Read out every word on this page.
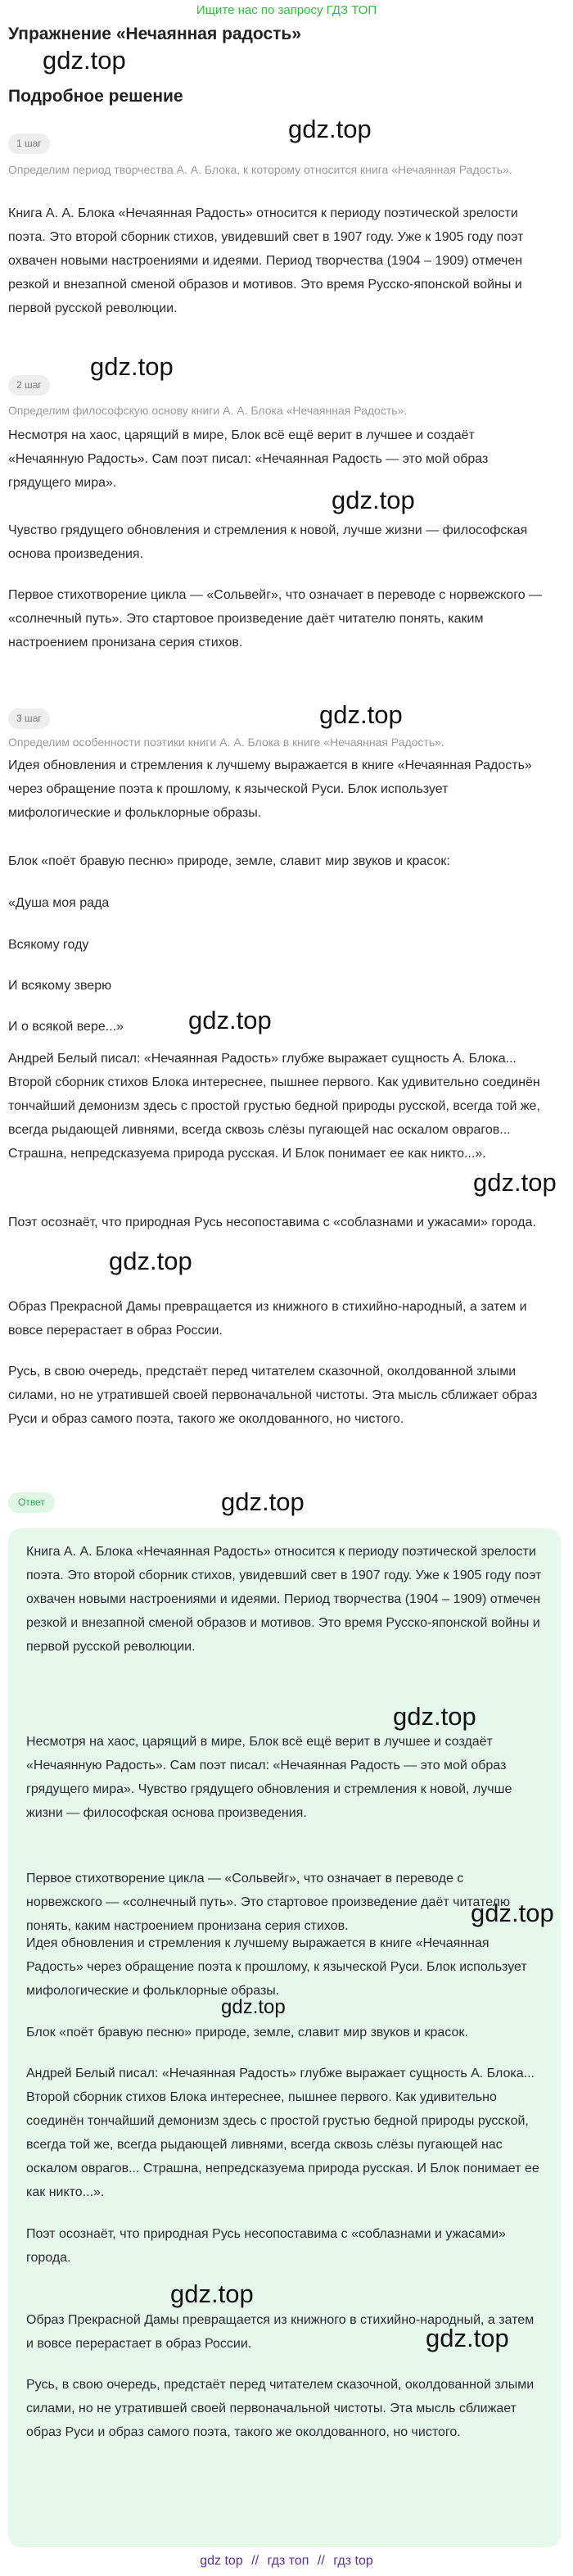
Ищите нас по запросу ГДЗ ТОП
Упражнение «Нечаянная радость»
gdz.top
Подробное решение
gdz.top
1 шаг
Определим период творчества А. А. Блока, к которому относится книга «Нечаянная Радость».

Книга А. А. Блока «Нечаянная Радость» относится к периоду поэтической зрелости поэта. Это второй сборник стихов, увидевший свет в 1907 году. Уже к 1905 году поэт охвачен новыми настроениями и идеями. Период творчества (1904 – 1909) отмечен резкой и внезапной сменой образов и мотивов. Это время Русско-японской войны и первой русской революции.

gdz.top
2 шаг
Определим философскую основу книги А. А. Блока «Нечаянная Радость».

Несмотря на хаос, царящий в мире, Блок всё ещё верит в лучшее и создаёт «Нечаянную Радость». Сам поэт писал: «Нечаянная Радость — это мой образ грядущего мира».

gdz.top

Чувство грядущего обновления и стремления к новой, лучше жизни — философская основа произведения.

Первое стихотворение цикла — «Сольвейг», что означает в переводе с норвежского — «солнечный путь». Это стартовое произведение даёт читателю понять, каким настроением пронизана серия стихов.

gdz.top
3 шаг
Определим особенности поэтики книги А. А. Блока в книге «Нечаянная Радость».

Идея обновления и стремления к лучшему выражается в книге «Нечаянная Радость» через обращение поэта к прошлому, к языческой Руси. Блок использует мифологические и фольклорные образы.

Блок «поёт бравую песню» природе, земле, славит мир звуков и красок:

«Душа моя рада

Всякому году

И всякому зверю

И о всякой вере...»	gdz.top

Андрей Белый писал: «Нечаянная Радость» глубже выражает сущность А. Блока... Второй сборник стихов Блока интереснее, пышнее первого. Как удивительно соединён тончайший демонизм здесь с простой грустью бедной природы русской, всегда той же, всегда рыдающей ливнями, всегда сквозь слёзы пугающей нас оскалом оврагов... Страшна, непредсказуема природа русская. И Блок понимает ее как никто...».

gdz.top

Поэт осознаёт, что природная Русь несопоставима с «соблазнами и ужасами» города.

gdz.top

Образ Прекрасной Дамы превращается из книжного в стихийно-народный, а затем и вовсе перерастает в образ России.

Русь, в свою очередь, предстаёт перед читателем сказочной, околдованной злыми силами, но не утратившей своей первоначальной чистоты. Эта мысль сближает образ Руси и образ самого поэта, такого же околдованного, но чистого.

Ответ	gdz.top

Книга А. А. Блока «Нечаянная Радость» относится к периоду поэтической зрелости поэта. Это второй сборник стихов, увидевший свет в 1907 году. Уже к 1905 году поэт охвачен новыми настроениями и идеями. Период творчества (1904 – 1909) отмечен резкой и внезапной сменой образов и мотивов. Это время Русско-японской войны и первой русской революции.

gdz.top

Несмотря на хаос, царящий в мире, Блок всё ещё верит в лучшее и создаёт «Нечаянную Радость». Сам поэт писал: «Нечаянная Радость — это мой образ грядущего мира». Чувство грядущего обновления и стремления к новой, лучше жизни — философская основа произведения.

Первое стихотворение цикла — «Сольвейг», что означает в переводе с норвежского — «солнечный путь». Это стартовое произведение даёт читателю понять, каким настроением пронизана серия стихов.	gdz.top

Идея обновления и стремления к лучшему выражается в книге «Нечаянная Радость» через обращение поэта к прошлому, к языческой Руси. Блок использует мифологические и фольклорные образы.

gdz.top

Блок «поёт бравую песню» природе, земле, славит мир звуков и красок.

Андрей Белый писал: «Нечаянная Радость» глубже выражает сущность А. Блока... Второй сборник стихов Блока интереснее, пышнее первого. Как удивительно соединён тончайший демонизм здесь с простой грустью бедной природы русской, всегда той же, всегда рыдающей ливнями, всегда сквозь слёзы пугающей нас оскалом оврагов... Страшна, непредсказуема природа русская. И Блок понимает ее как никто...».

Поэт осознаёт, что природная Русь несопоставима с «соблазнами и ужасами» города.

gdz.top

Образ Прекрасной Дамы превращается из книжного в стихийно-народный, а затем и вовсе перерастает в образ России.	gdz.top

Русь, в свою очередь, предстаёт перед читателем сказочной, околдованной злыми силами, но не утратившей своей первоначальной чистоты. Эта мысль сближает образ Руси и образ самого поэта, такого же околдованного, но чистого.

gdz top // гдз топ // гдз top
